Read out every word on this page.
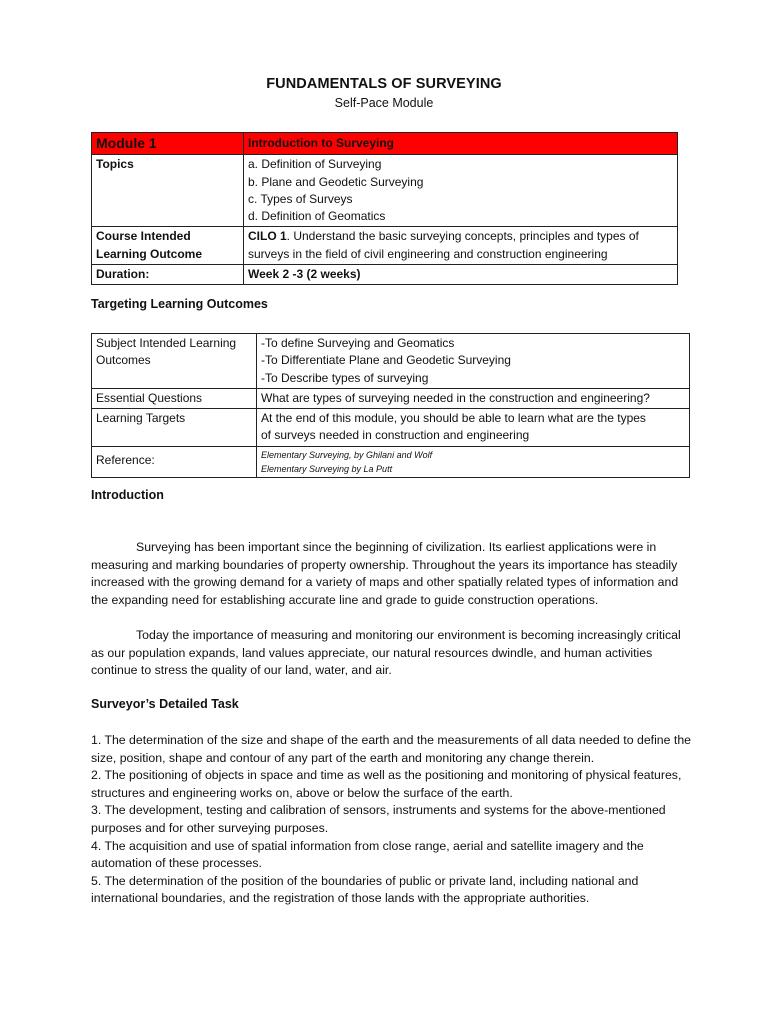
FUNDAMENTALS OF SURVEYING
Self-Pace Module
Module 1	Introduction to Surveying
Topics	a. Definition of Surveying
b. Plane and Geodetic Surveying
c. Types of Surveys
d. Definition of Geomatics

Course Intended Learning Outcome	CILO 1. Understand the basic surveying concepts, principles and types of
surveys in the field of civil engineering and construction engineering

Duration:	Week 2 -3 (2 weeks)
Targeting Learning Outcomes
Subject Intended Learning Outcomes	-To define Surveying and Geomatics
-To Differentiate Plane and Geodetic Surveying
-To Describe types of surveying

Essential Questions	What are types of surveying needed in the construction and engineering?
Learning Targets	At the end of this module, you should be able to learn what are the types
of surveys needed in construction and engineering

Reference:	Elementary Surveying, by Ghilani and Wolf
Elementary Surveying by La Putt
Introduction
Surveying has been important since the beginning of civilization. Its earliest applications were in measuring and marking boundaries of property ownership. Throughout the years its importance has steadily increased with the growing demand for a variety of maps and other spatially related types of information and the expanding need for establishing accurate line and grade to guide construction operations.
Today the importance of measuring and monitoring our environment is becoming increasingly critical as our population expands, land values appreciate, our natural resources dwindle, and human activities continue to stress the quality of our land, water, and air.
Surveyor’s Detailed Task
1. The determination of the size and shape of the earth and the measurements of all data needed to define the size, position, shape and contour of any part of the earth and monitoring any change therein.
2. The positioning of objects in space and time as well as the positioning and monitoring of physical features, structures and engineering works on, above or below the surface of the earth.
3. The development, testing and calibration of sensors, instruments and systems for the above-mentioned purposes and for other surveying purposes.
4. The acquisition and use of spatial information from close range, aerial and satellite imagery and the automation of these processes.
5. The determination of the position of the boundaries of public or private land, including national and international boundaries, and the registration of those lands with the appropriate authorities.
